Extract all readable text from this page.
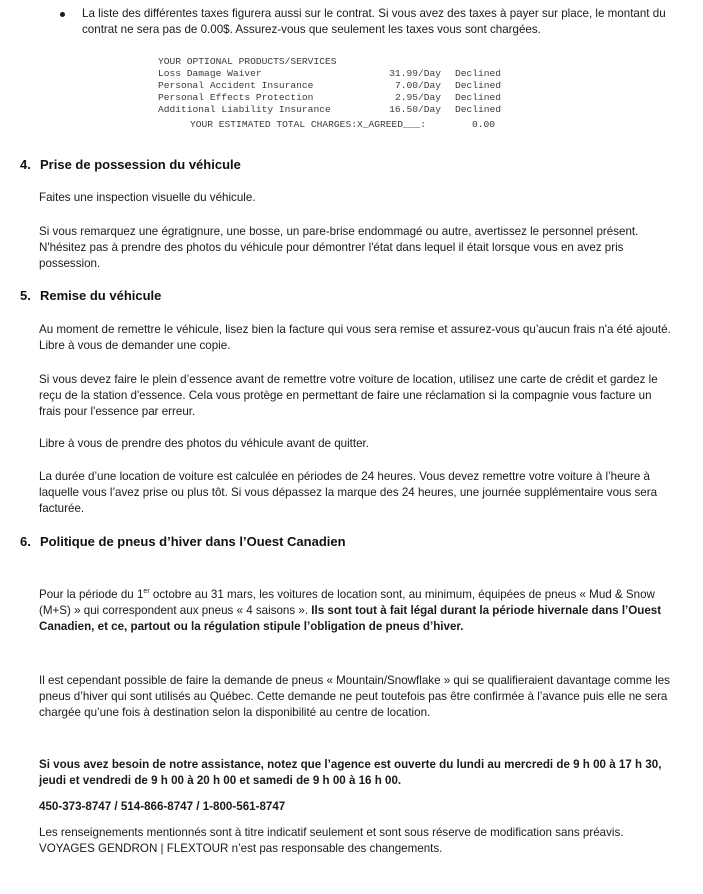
La liste des différentes taxes figurera aussi sur le contrat. Si vous avez des taxes à payer sur place, le montant du contrat ne sera pas de 0.00$. Assurez-vous que seulement les taxes vous sont chargées.
YOUR OPTIONAL PRODUCTS/SERVICES
Loss Damage Waiver	31.99/Day	Declined
Personal Accident Insurance	7.00/Day	Declined
Personal Effects Protection	2.95/Day	Declined
Additional Liability Insurance	16.50/Day	Declined
YOUR ESTIMATED TOTAL CHARGES:X_AGREED___:	0.00
4. Prise de possession du véhicule
Faites une inspection visuelle du véhicule.
Si vous remarquez une égratignure, une bosse, un pare-brise endommagé ou autre, avertissez le personnel présent. N'hésitez pas à prendre des photos du véhicule pour démontrer l'état dans lequel il était lorsque vous en avez pris possession.
5. Remise du véhicule
Au moment de remettre le véhicule, lisez bien la facture qui vous sera remise et assurez-vous qu’aucun frais n'a été ajouté. Libre à vous de demander une copie.
Si vous devez faire le plein d’essence avant de remettre votre voiture de location, utilisez une carte de crédit et gardez le reçu de la station d'essence. Cela vous protège en permettant de faire une réclamation si la compagnie vous facture un frais pour l'essence par erreur.
Libre à vous de prendre des photos du véhicule avant de quitter.
La durée d’une location de voiture est calculée en périodes de 24 heures. Vous devez remettre votre voiture à l’heure à laquelle vous l’avez prise ou plus tôt. Si vous dépassez la marque des 24 heures, une journée supplémentaire vous sera facturée.
6. Politique de pneus d’hiver dans l’Ouest Canadien
Pour la période du 1er octobre au 31 mars, les voitures de location sont, au minimum, équipées de pneus « Mud & Snow (M+S) » qui correspondent aux pneus « 4 saisons ». Ils sont tout à fait légal durant la période hivernale dans l’Ouest Canadien, et ce, partout ou la régulation stipule l’obligation de pneus d’hiver.
Il est cependant possible de faire la demande de pneus « Mountain/Snowflake » qui se qualifieraient davantage comme les pneus d’hiver qui sont utilisés au Québec. Cette demande ne peut toutefois pas être confirmée à l’avance puis elle ne sera chargée qu’une fois à destination selon la disponibilité au centre de location.
Si vous avez besoin de notre assistance, notez que l’agence est ouverte du lundi au mercredi de 9 h 00 à 17 h 30, jeudi et vendredi de 9 h 00 à 20 h 00 et samedi de 9 h 00 à 16 h 00.
450-373-8747 / 514-866-8747 / 1-800-561-8747
Les renseignements mentionnés sont à titre indicatif seulement et sont sous réserve de modification sans préavis. VOYAGES GENDRON | FLEXTOUR n’est pas responsable des changements.
